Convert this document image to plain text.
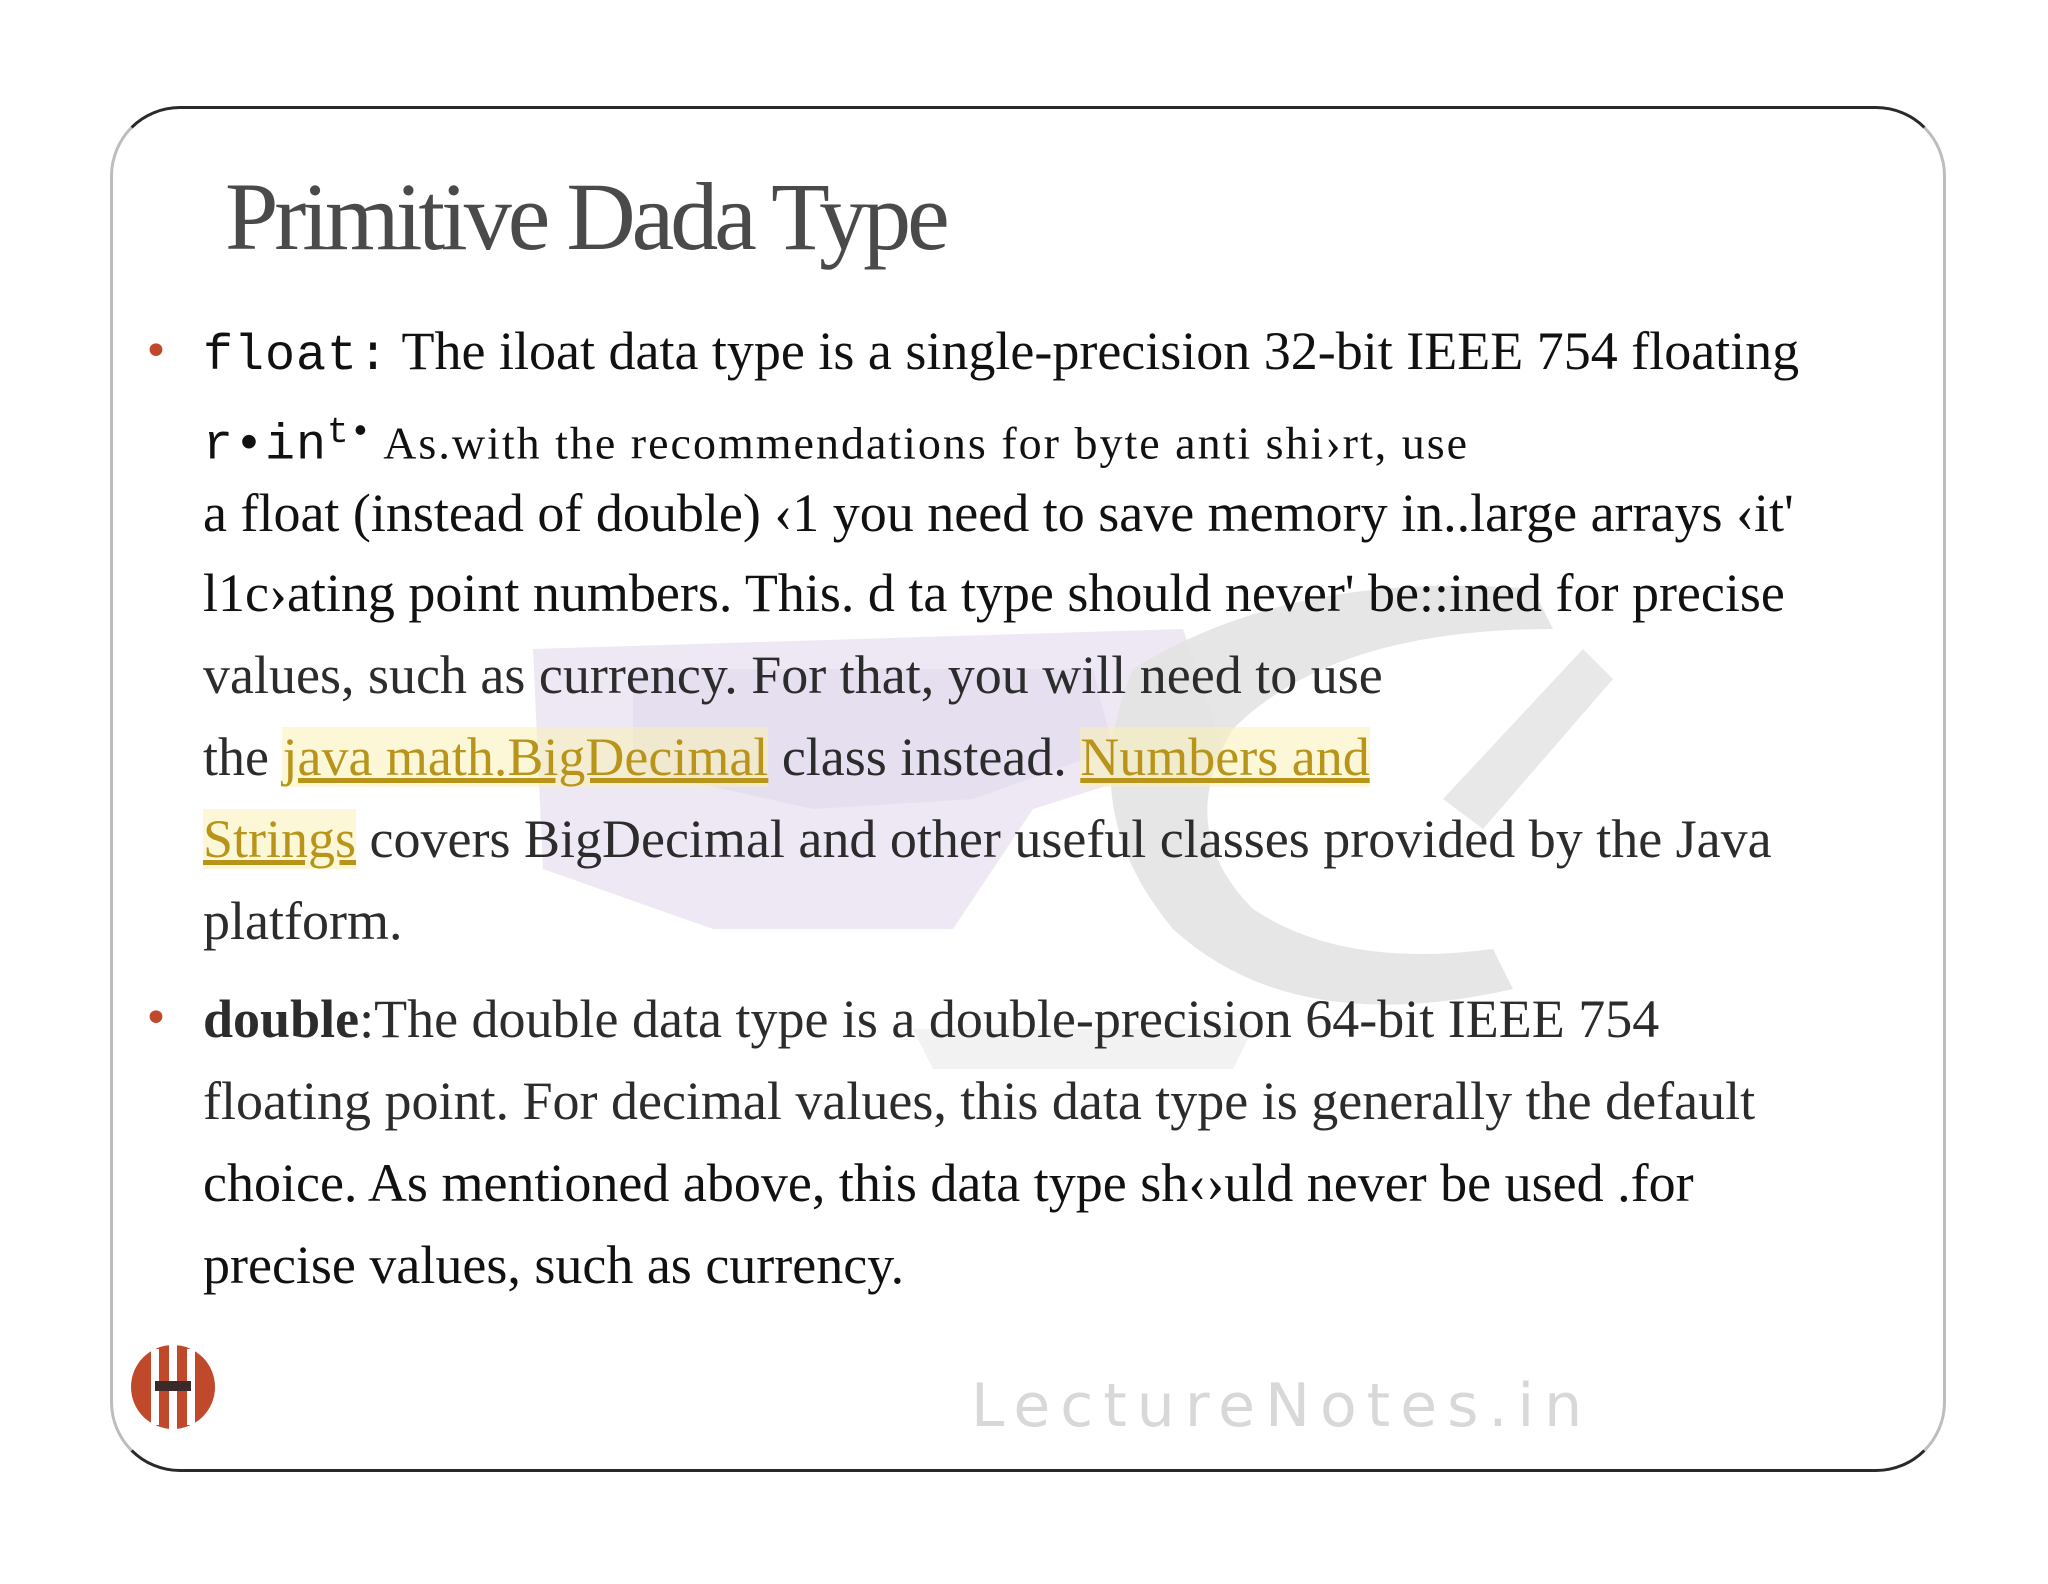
Primitive Dada Type
• float: The iloat data type is a single-precision 32-bit IEEE 754 floating
$r•in^{t•}$ As.with the recommendations for byte anti shi›rt, use
a float (instead of double) ‹1 you need to save memory in..large arrays ‹it'
l1c›ating point numbers. This. d ta type should never' be::ined for precise
values, such as currency. For that, you will need to use
the java math.BigDecimal class instead. Numbers and
Strings covers BigDecimal and other useful classes provided by the Java
platform.
• double:The double data type is a double-precision 64-bit IEEE 754
floating point. For decimal values, this data type is generally the default
choice. As mentioned above, this data type sh‹›uld never be used .for
precise values, such as currency.
LectureNotes.in
